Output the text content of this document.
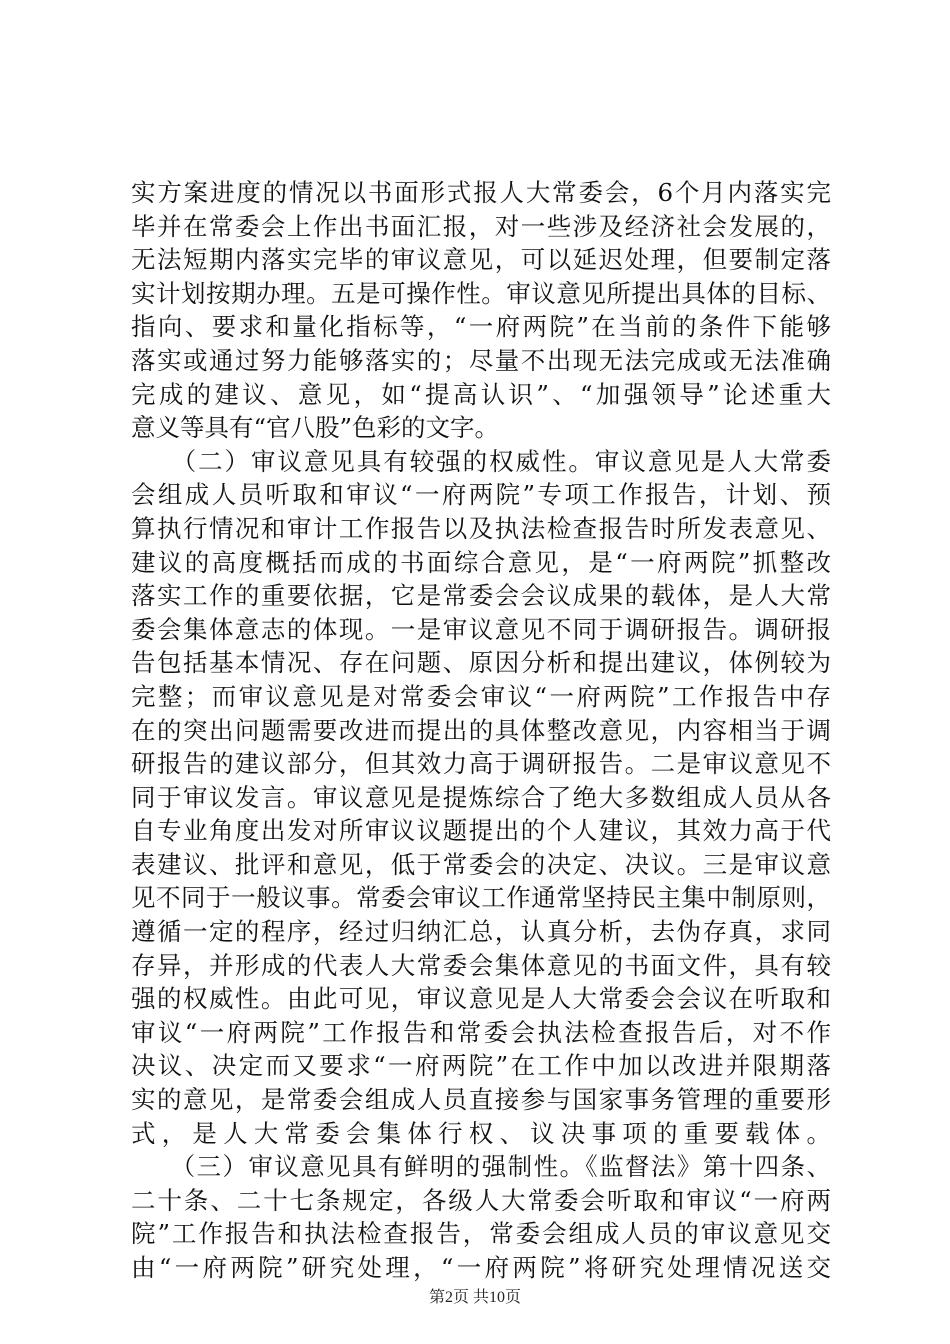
实方案进度的情况以书面形式报人大常委会，6个月内落实完
毕并在常委会上作出书面汇报，对一些涉及经济社会发展的，
无法短期内落实完毕的审议意见，可以延迟处理，但要制定落
实计划按期办理。五是可操作性。审议意见所提出具体的目标、
指向、要求和量化指标等，“一府两院”在当前的条件下能够
落实或通过努力能够落实的；尽量不出现无法完成或无法准确
完成的建议、意见，如“提高认识”、“加强领导”论述重大
意义等具有“官八股”色彩的文字。
　　（二）审议意见具有较强的权威性。审议意见是人大常委
会组成人员听取和审议“一府两院”专项工作报告，计划、预
算执行情况和审计工作报告以及执法检查报告时所发表意见、
建议的高度概括而成的书面综合意见，是“一府两院”抓整改
落实工作的重要依据，它是常委会会议成果的载体，是人大常
委会集体意志的体现。一是审议意见不同于调研报告。调研报
告包括基本情况、存在问题、原因分析和提出建议，体例较为
完整；而审议意见是对常委会审议“一府两院”工作报告中存
在的突出问题需要改进而提出的具体整改意见，内容相当于调
研报告的建议部分，但其效力高于调研报告。二是审议意见不
同于审议发言。审议意见是提炼综合了绝大多数组成人员从各
自专业角度出发对所审议议题提出的个人建议，其效力高于代
表建议、批评和意见，低于常委会的决定、决议。三是审议意
见不同于一般议事。常委会审议工作通常坚持民主集中制原则，
遵循一定的程序，经过归纳汇总，认真分析，去伪存真，求同
存异，并形成的代表人大常委会集体意见的书面文件，具有较
强的权威性。由此可见，审议意见是人大常委会会议在听取和
审议“一府两院”工作报告和常委会执法检查报告后，对不作
决议、决定而又要求“一府两院”在工作中加以改进并限期落
实的意见，是常委会组成人员直接参与国家事务管理的重要形
式，是人大常委会集体行权、议决事项的重要载体。
　　（三）审议意见具有鲜明的强制性。《监督法》第十四条、
二十条、二十七条规定，各级人大常委会听取和审议“一府两
院”工作报告和执法检查报告，常委会组成人员的审议意见交
由“一府两院”研究处理，“一府两院”将研究处理情况送交
第2页 共10页
